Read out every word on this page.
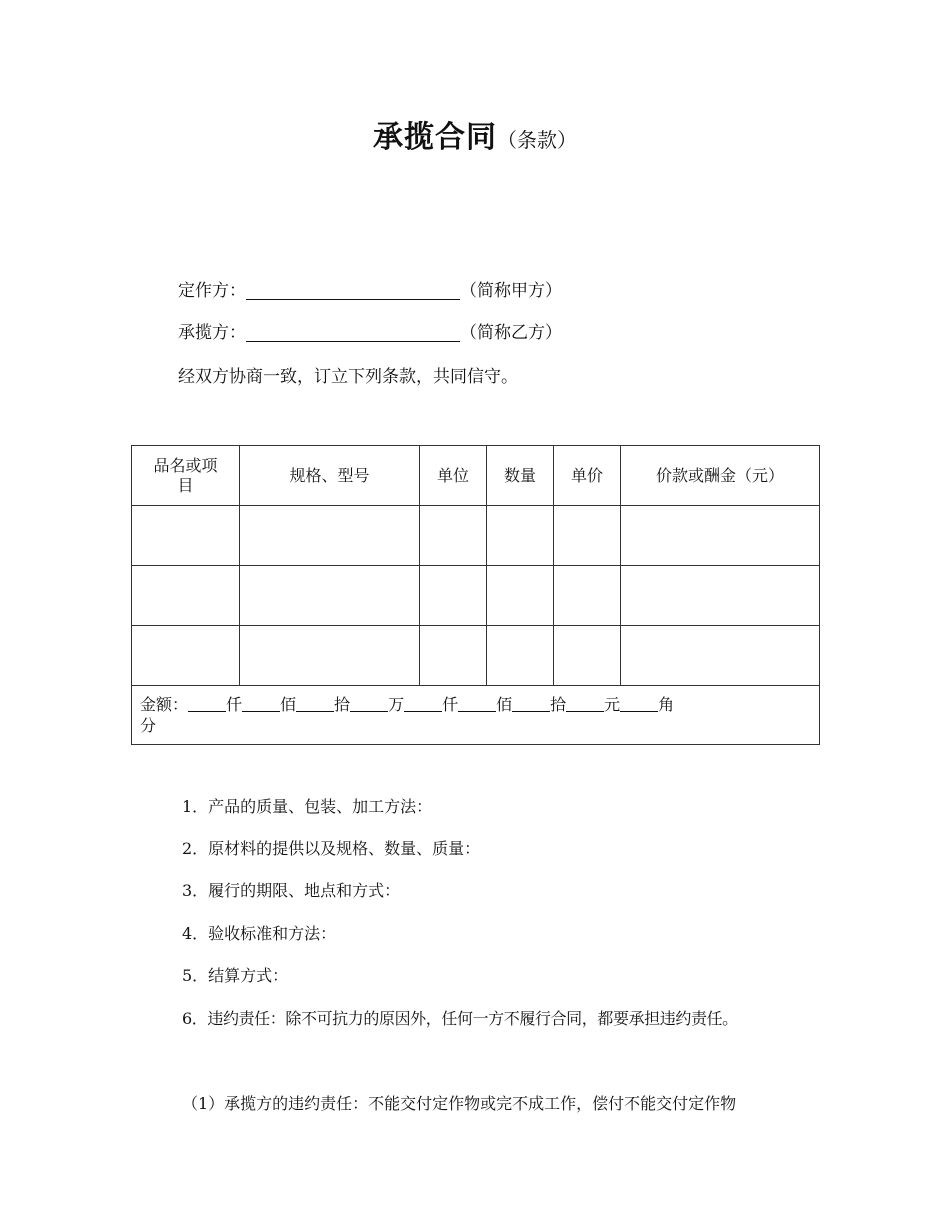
承揽合同（条款）
定作方：	（简称甲方）
承揽方：	（简称乙方）
经双方协商一致，订立下列条款，共同信守。
品名或项目	规格、型号	单位	数量	单价	价款或酬金（元）

金额： 仟 佰 拾 万 仟 佰 拾 元 角
分					
1．产品的质量、包装、加工方法：
2．原材料的提供以及规格、数量、质量：
3．履行的期限、地点和方式：
4．验收标准和方法：
5．结算方式：
6．违约责任：除不可抗力的原因外，任何一方不履行合同，都要承担违约责任。
（1）承揽方的违约责任：不能交付定作物或完不成工作，偿付不能交付定作物
